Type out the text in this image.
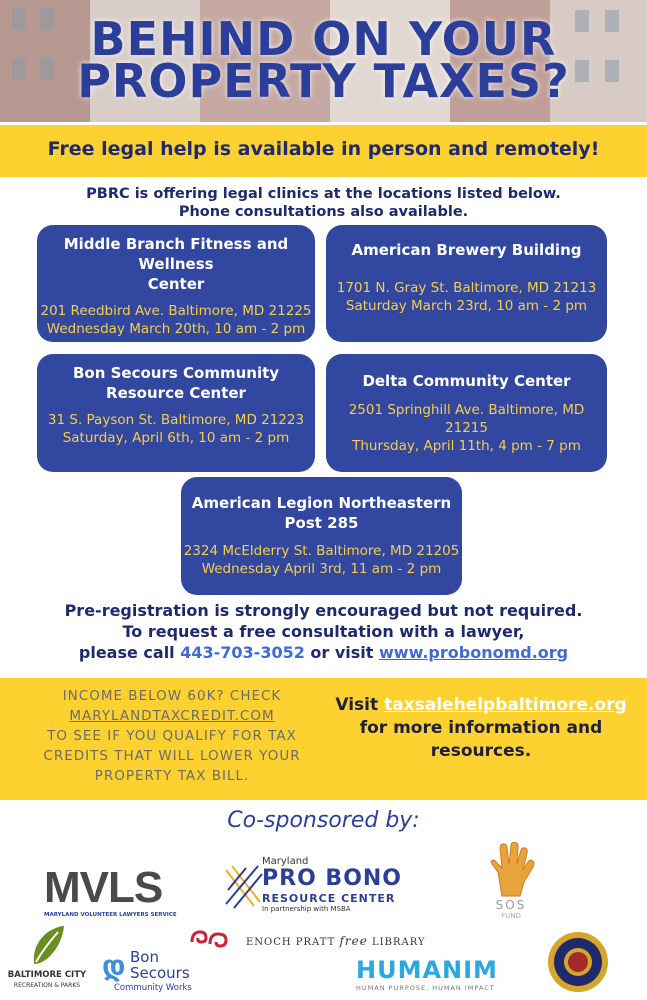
BEHIND ON YOUR
PROPERTY TAXES?
Free legal help is available in person and remotely!
PBRC is offering legal clinics at the locations listed below.
Phone consultations also available.
Middle Branch Fitness and Wellness
Center
201 Reedbird Ave. Baltimore, MD 21225
Wednesday March 20th, 10 am - 2 pm
American Brewery Building
1701 N. Gray St. Baltimore, MD 21213
Saturday March 23rd, 10 am - 2 pm
Bon Secours Community
Resource Center
31 S. Payson St. Baltimore, MD 21223
Saturday, April 6th, 10 am - 2 pm
Delta Community Center
2501 Springhill Ave. Baltimore, MD 21215
Thursday, April 11th, 4 pm - 7 pm
American Legion Northeastern
Post 285
2324 McElderry St. Baltimore, MD 21205
Wednesday April 3rd, 11 am - 2 pm
Pre-registration is strongly encouraged but not required.
To request a free consultation with a lawyer,
please call 443-703-3052 or visit www.probonomd.org
INCOME BELOW 60K? CHECK
MARYLANDTAXCREDIT.COM
TO SEE IF YOU QUALIFY FOR TAX
CREDITS THAT WILL LOWER YOUR
PROPERTY TAX BILL.
Visit taxsalehelpbaltimore.org
for more information and
resources.
Co-sponsored by:
MVLS
MARYLAND VOLUNTEER LAWYERS SERVICE
Maryland
PRO BONO
RESOURCE CENTER
In partnership with MSBA	SOS
FUND
BALTIMORE CITY
RECREATION & PARKS
დ Bon
Secours
Community Works
ENOCH PRATT free LIBRARY
HUMANIM
HUMAN PURPOSE. HUMAN IMPACT
